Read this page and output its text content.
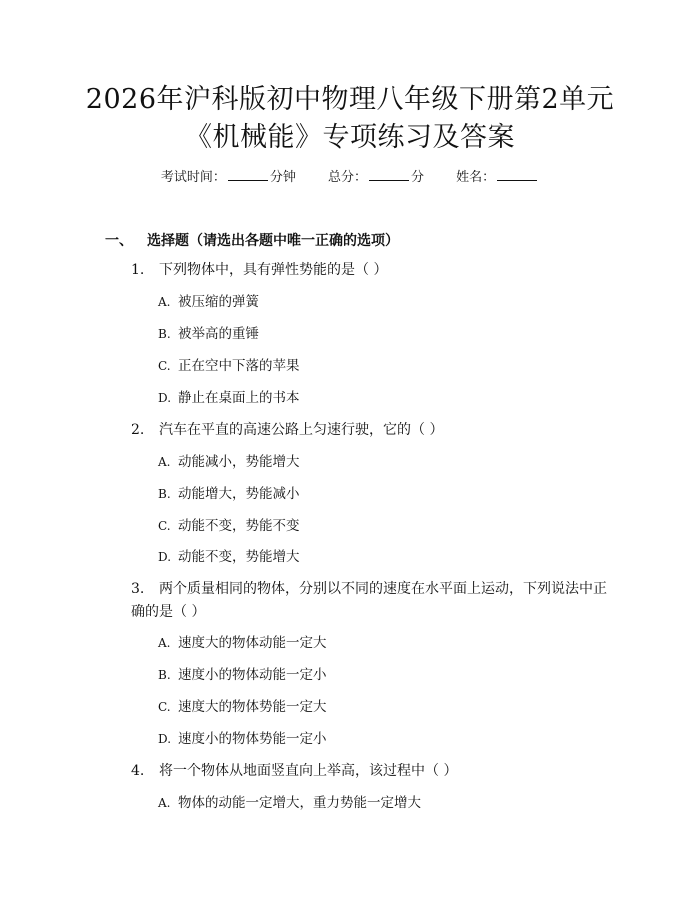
2026年沪科版初中物理八年级下册第2单元
《机械能》专项练习及答案
考试时间：	分钟 总分：	分 姓名：
一、 选择题（请选出各题中唯一正确的选项）
1. 下列物体中，具有弹性势能的是（ ）
A. 被压缩的弹簧
B. 被举高的重锤
C. 正在空中下落的苹果
D. 静止在桌面上的书本
2. 汽车在平直的高速公路上匀速行驶，它的（ ）
A. 动能减小，势能增大
B. 动能增大，势能减小
C. 动能不变，势能不变
D. 动能不变，势能增大
3. 两个质量相同的物体，分别以不同的速度在水平面上运动，下列说法中正
确的是（ ）
A. 速度大的物体动能一定大
B. 速度小的物体动能一定小
C. 速度大的物体势能一定大
D. 速度小的物体势能一定小
4. 将一个物体从地面竖直向上举高，该过程中（ ）
A. 物体的动能一定增大，重力势能一定增大
